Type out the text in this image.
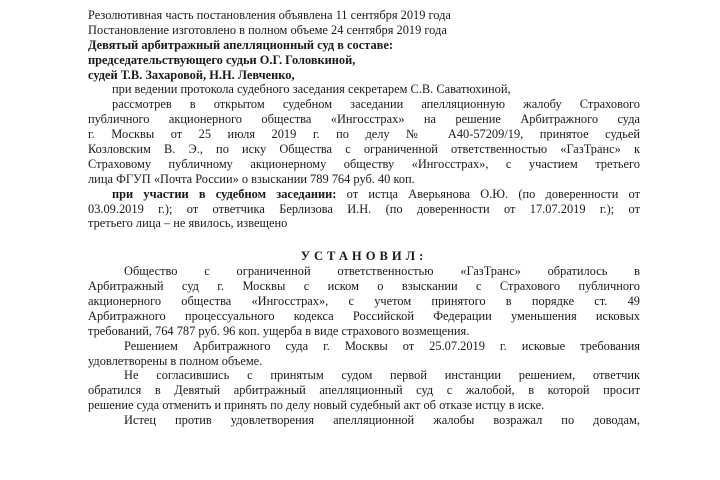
Резолютивная часть постановления объявлена 11 сентября 2019 года
Постановление изготовлено в полном объеме 24 сентября 2019 года
Девятый арбитражный апелляционный суд в составе:
председательствующего судьи О.Г. Головкиной,
судей Т.В. Захаровой, Н.Н. Левченко,
при ведении протокола судебного заседания секретарем С.В. Саватюхиной,
рассмотрев в открытом судебном заседании апелляционную жалобу Страхового
публичного акционерного общества «Ингосстрах» на решение Арбитражного суда
г. Москвы от 25 июля 2019 г. по делу № А40-57209/19, принятое судьей
Козловским В. Э., по иску Общества с ограниченной ответственностью «ГазТранс» к
Страховому публичному акционерному обществу «Ингосстрах», с участием третьего
лица ФГУП «Почта России» о взыскании 789 764 руб. 40 коп.
при участии в судебном заседании: от истца Аверьянова О.Ю. (по доверенности от
03.09.2019 г.); от ответчика Берлизова И.Н. (по доверенности от 17.07.2019 г.); от
третьего лица – не явилось, извещено
УСТАНОВИЛ:
Общество с ограниченной ответственностью «ГазТранс» обратилось в
Арбитражный суд г. Москвы с иском о взыскании с Страхового публичного
акционерного общества «Ингосстрах», с учетом принятого в порядке ст. 49
Арбитражного процессуального кодекса Российской Федерации уменьшения исковых
требований, 764 787 руб. 96 коп. ущерба в виде страхового возмещения.
Решением Арбитражного суда г. Москвы от 25.07.2019 г. исковые требования
удовлетворены в полном объеме.
Не согласившись с принятым судом первой инстанции решением, ответчик
обратился в Девятый арбитражный апелляционный суд с жалобой, в которой просит
решение суда отменить и принять по делу новый судебный акт об отказе истцу в иске.
Истец против удовлетворения апелляционной жалобы возражал по доводам,
